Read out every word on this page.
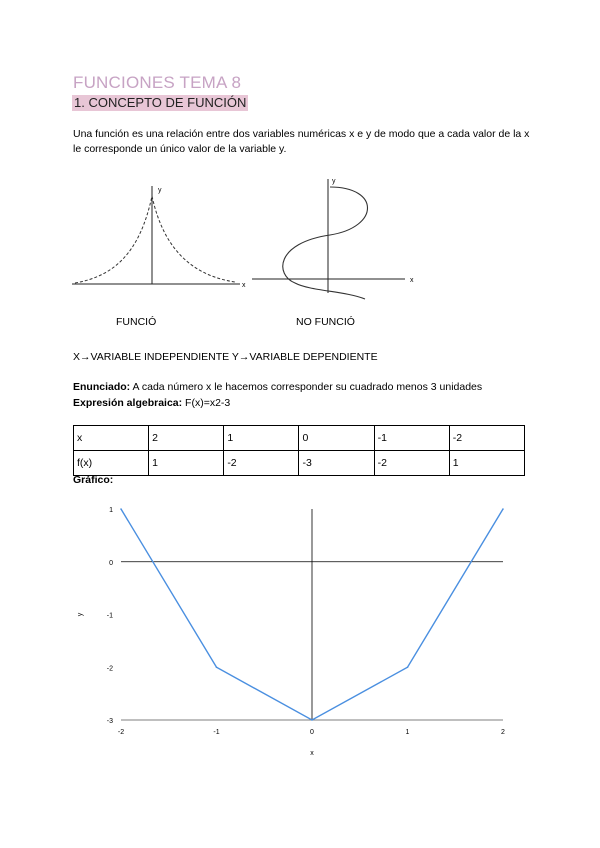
FUNCIONES TEMA 8
1. CONCEPTO DE FUNCIÓN
Una función es una relación entre dos variables numéricas x e y de modo que a cada valor de la x le corresponde un único valor de la variable y.
x
y
FUNCIÓ
x
y
NO FUNCIÓ
X→VARIABLE INDEPENDIENTE Y→VARIABLE DEPENDIENTE
Enunciado: A cada número x le hacemos corresponder su cuadrado menos 3 unidades
Expresión algebraica: F(x)=x2-3
x	2	1	0	-1	-2
f(x)	1	-2	-3	-2	1
Gráfico:
-2	-1	0	1	2
-3
-2
-1
0
1
x
y
